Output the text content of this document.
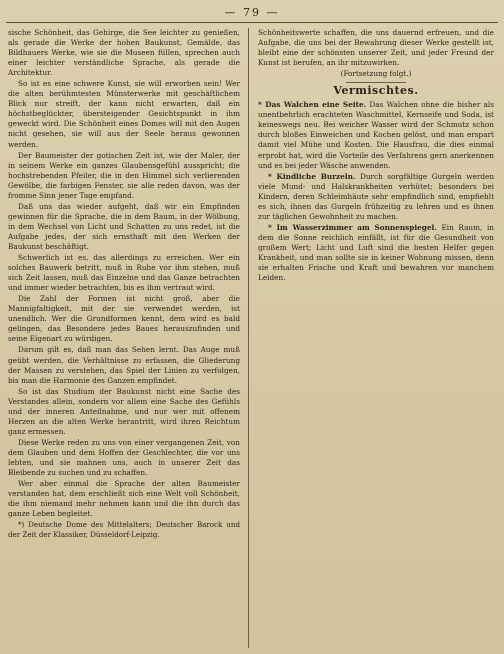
— 79 —

sische Schönheit, das Gehirge, die See leichter zu genießen, als gerade die Werke der hohen Baukunst, Gemälde, das Bildhauers Werke, wie sie die Museen füllen, sprechen auch einer leichter verständliche Sprache, als gerade die Architektur.

So ist es eine schwere Kunst, sie will erworben sein! Wer die alten berühmtesten Münsterwerke mit geschäftlichem Blick nur streift, der kann nicht erwarten, daß ein höchstbeglückter, übersteigender Gesichtspunkt in ihm geweckt wird. Die Schönheit eines Domes will mit den Augen nicht gesehen, sie will aus der Seele heraus gewonnen werden.

Der Baumeister der gotischen Zeit ist, wie der Maler, der in seinem Werke ein ganzes Glaubensgefühl ausspricht; die hochstrebenden Pfeiler, die in den Himmel sich verlierenden Gewölbe, die farbigen Fenster, sie alle reden davon, was der fromme Sinn jener Tage empfand.

Daß uns das wieder aufgeht, daß wir ein Empfinden gewinnen für die Sprache, die in dem Raum, in der Wölbung, in dem Wechsel von Licht und Schatten zu uns redet, ist die Aufgabe jedes, der sich ernsthaft mit den Werken der Baukunst beschäftigt.

Schwerlich ist es, das allerdings zu erreichen. Wer ein solches Bauwerk betritt, muß in Ruhe vor ihm stehen, muß sich Zeit lassen, muß das Einzelne und das Ganze betrachten und immer wieder betrachten, bis es ihm vertraut wird.

Die Zahl der Formen ist nicht groß, aber die Mannigfaltigkeit, mit der sie verwendet werden, ist unendlich. Wer die Grundformen kennt, dem wird es bald gelingen, das Besondere jedes Baues herauszufinden und seine Eigenart zu würdigen.

Darum gilt es, daß man das Sehen lernt. Das Auge muß geübt werden, die Verhältnisse zu erfassen, die Gliederung der Massen zu verstehen, das Spiel der Linien zu verfolgen, bis man die Harmonie des Ganzen empfindet.

So ist das Studium der Baukunst nicht eine Sache des Verstandes allein, sondern vor allem eine Sache des Gefühls und der inneren Anteilnahme, und nur wer mit offenem Herzen an die alten Werke herantritt, wird ihren Reichtum ganz ermessen.

Diese Werke reden zu uns von einer vergangenen Zeit, von dem Glauben und dem Hoffen der Geschlechter, die vor uns lebten, und sie mahnen uns, auch in unserer Zeit das Bleibende zu suchen und zu schaffen.

Wer aber einmal die Sprache der alten Baumeister verstanden hat, dem erschließt sich eine Welt voll Schönheit, die ihm niemand mehr nehmen kann und die ihn durch das ganze Leben begleitet.

*) Deutsche Dome des Mittelalters; Deutscher Barock und der Zeit der Klassiker, Düsseldorf-Leipzig.

Schönheitswerte schaffen, die uns dauernd erfreuen, und die Aufgabe, die uns bei der Bewahrung dieser Werke gestellt ist, bleibt eine der schönsten unserer Zeit, und jeder Freund der Kunst ist berufen, an ihr mitzuwirken.

(Fortsetzung folgt.)
Vermischtes.

* Das Walchen eine Seite. Das Walchen ohne die bisher als unentbehrlich erachteten Waschmittel, Kernseife und Soda, ist keineswegs neu. Bei weicher Wasser wird der Schmutz schon durch bloßes Einweichen und Kochen gelöst, und man erspart damit viel Mühe und Kosten. Die Hausfrau, die dies einmal erprobt hat, wird die Vorteile des Verfahrens gern anerkennen und es bei jeder Wäsche anwenden.

* Kindliche Burzeln. Durch sorgfältige Gurgeln werden viele Mund- und Halskrankheiten verhütet; besonders bei Kindern, deren Schleimhäute sehr empfindlich sind, empfiehlt es sich, ihnen das Gurgeln frühzeitig zu lehren und es ihnen zur täglichen Gewohnheit zu machen.

* Im Wasserzimmer am Sonnenspiegel. Ein Raum, in dem die Sonne reichlich einfällt, ist für die Gesundheit von großem Wert; Licht und Luft sind die besten Helfer gegen Krankheit, und man sollte sie in keiner Wohnung missen, denn sie erhalten Frische und Kraft und bewahren vor manchem Leiden.
